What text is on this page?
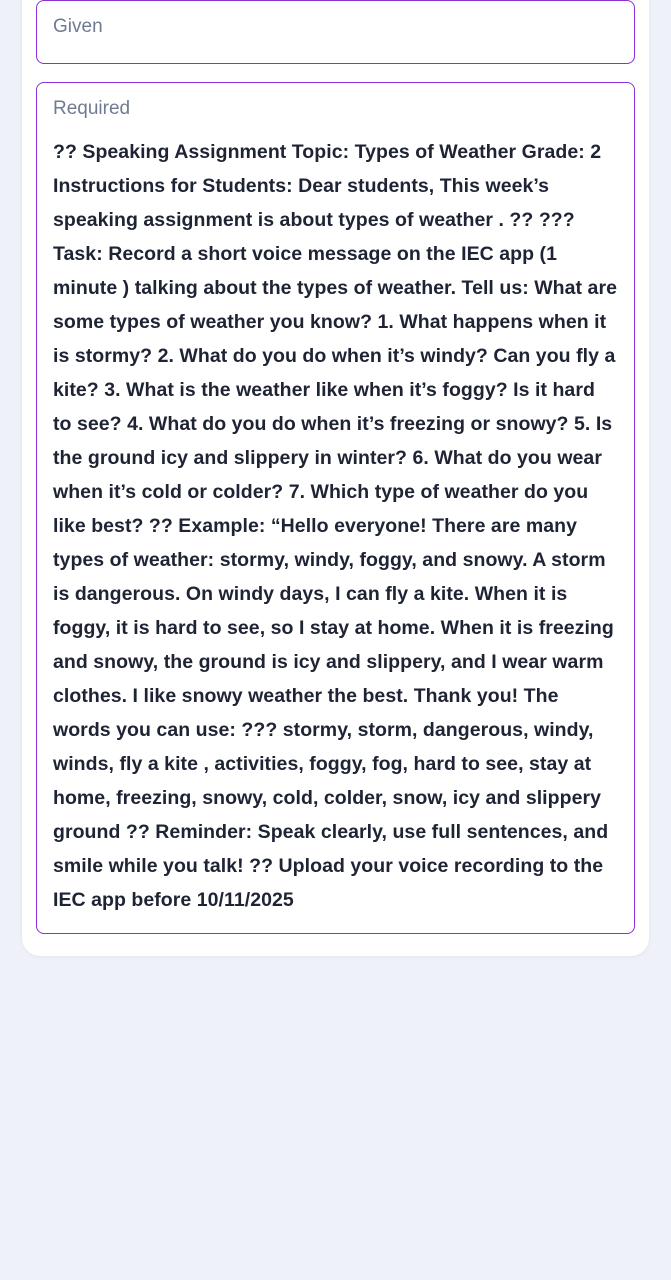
Given
Required
?? Speaking Assignment Topic: Types of Weather Grade: 2 Instructions for Students: Dear students, This week’s speaking assignment is about types of weather . ?? ??? Task: Record a short voice message on the IEC app (1 minute ) talking about the types of weather. Tell us: What are some types of weather you know? 1. What happens when it is stormy? 2. What do you do when it’s windy? Can you fly a kite? 3. What is the weather like when it’s foggy? Is it hard to see? 4. What do you do when it’s freezing or snowy? 5. Is the ground icy and slippery in winter? 6. What do you wear when it’s cold or colder? 7. Which type of weather do you like best? ?? Example: “Hello everyone! There are many types of weather: stormy, windy, foggy, and snowy. A storm is dangerous. On windy days, I can fly a kite. When it is foggy, it is hard to see, so I stay at home. When it is freezing and snowy, the ground is icy and slippery, and I wear warm clothes. I like snowy weather the best. Thank you! The words you can use: ??? stormy, storm, dangerous, windy, winds, fly a kite , activities, foggy, fog, hard to see, stay at home, freezing, snowy, cold, colder, snow, icy and slippery ground ?? Reminder: Speak clearly, use full sentences, and smile while you talk! ?? Upload your voice recording to the IEC app before 10/11/2025
